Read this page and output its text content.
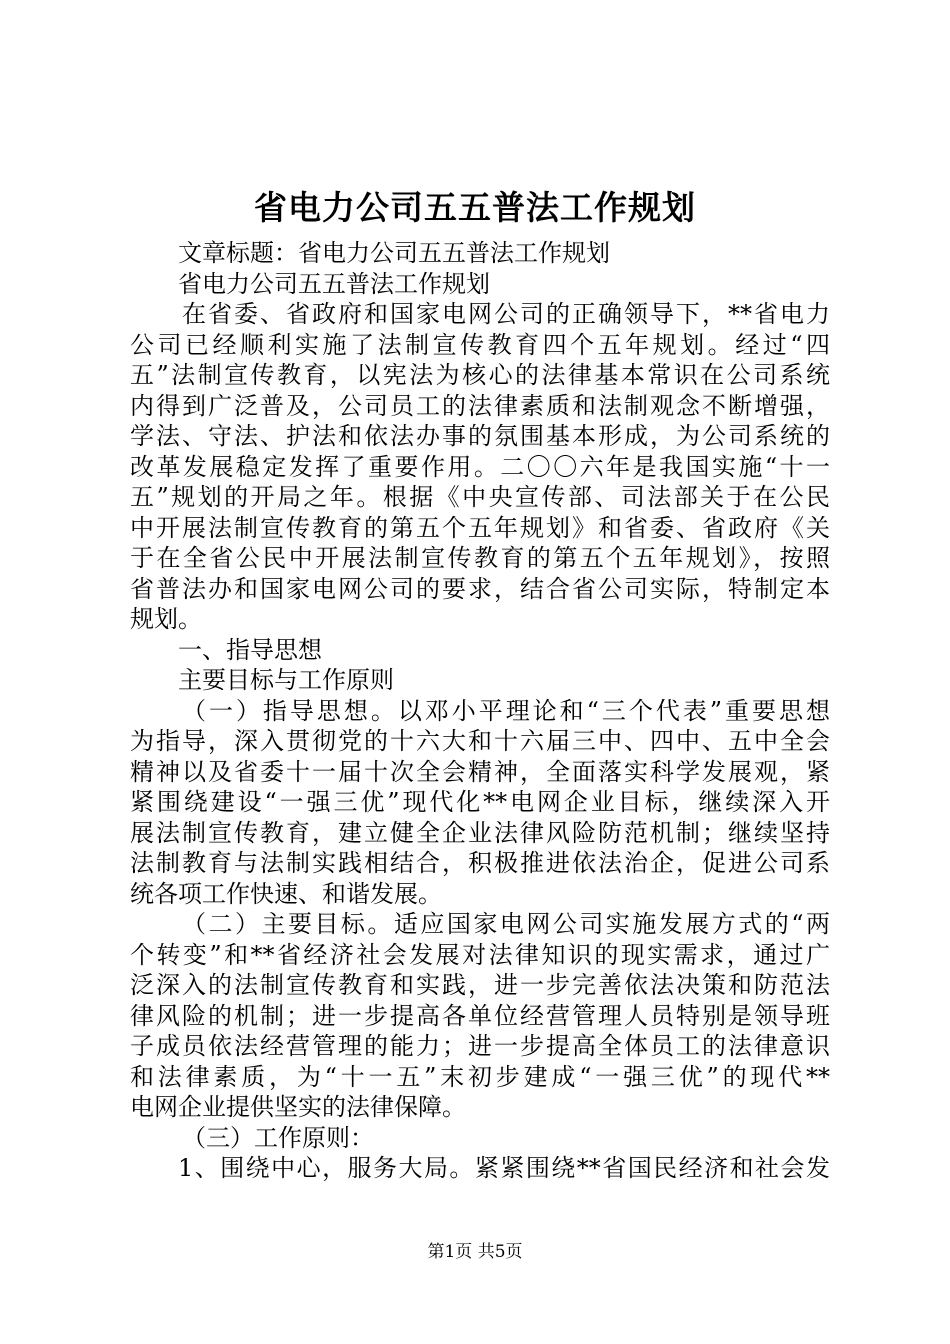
省电力公司五五普法工作规划
文章标题：省电力公司五五普法工作规划
省电力公司五五普法工作规划
在省委、省政府和国家电网公司的正确领导下，**省电力
公司已经顺利实施了法制宣传教育四个五年规划。经过“四
五”法制宣传教育，以宪法为核心的法律基本常识在公司系统
内得到广泛普及，公司员工的法律素质和法制观念不断增强，
学法、守法、护法和依法办事的氛围基本形成，为公司系统的
改革发展稳定发挥了重要作用。二〇〇六年是我国实施“十一
五”规划的开局之年。根据《中央宣传部、司法部关于在公民
中开展法制宣传教育的第五个五年规划》和省委、省政府《关
于在全省公民中开展法制宣传教育的第五个五年规划》，按照
省普法办和国家电网公司的要求，结合省公司实际，特制定本
规划。
一、指导思想
主要目标与工作原则
（一）指导思想。以邓小平理论和“三个代表”重要思想
为指导，深入贯彻党的十六大和十六届三中、四中、五中全会
精神以及省委十一届十次全会精神，全面落实科学发展观，紧
紧围绕建设“一强三优”现代化**电网企业目标，继续深入开
展法制宣传教育，建立健全企业法律风险防范机制；继续坚持
法制教育与法制实践相结合，积极推进依法治企，促进公司系
统各项工作快速、和谐发展。
（二）主要目标。适应国家电网公司实施发展方式的“两
个转变”和**省经济社会发展对法律知识的现实需求，通过广
泛深入的法制宣传教育和实践，进一步完善依法决策和防范法
律风险的机制；进一步提高各单位经营管理人员特别是领导班
子成员依法经营管理的能力；进一步提高全体员工的法律意识
和法律素质，为“十一五”末初步建成“一强三优”的现代**
电网企业提供坚实的法律保障。
（三）工作原则：
1、围绕中心，服务大局。紧紧围绕**省国民经济和社会发
第1页 共5页
